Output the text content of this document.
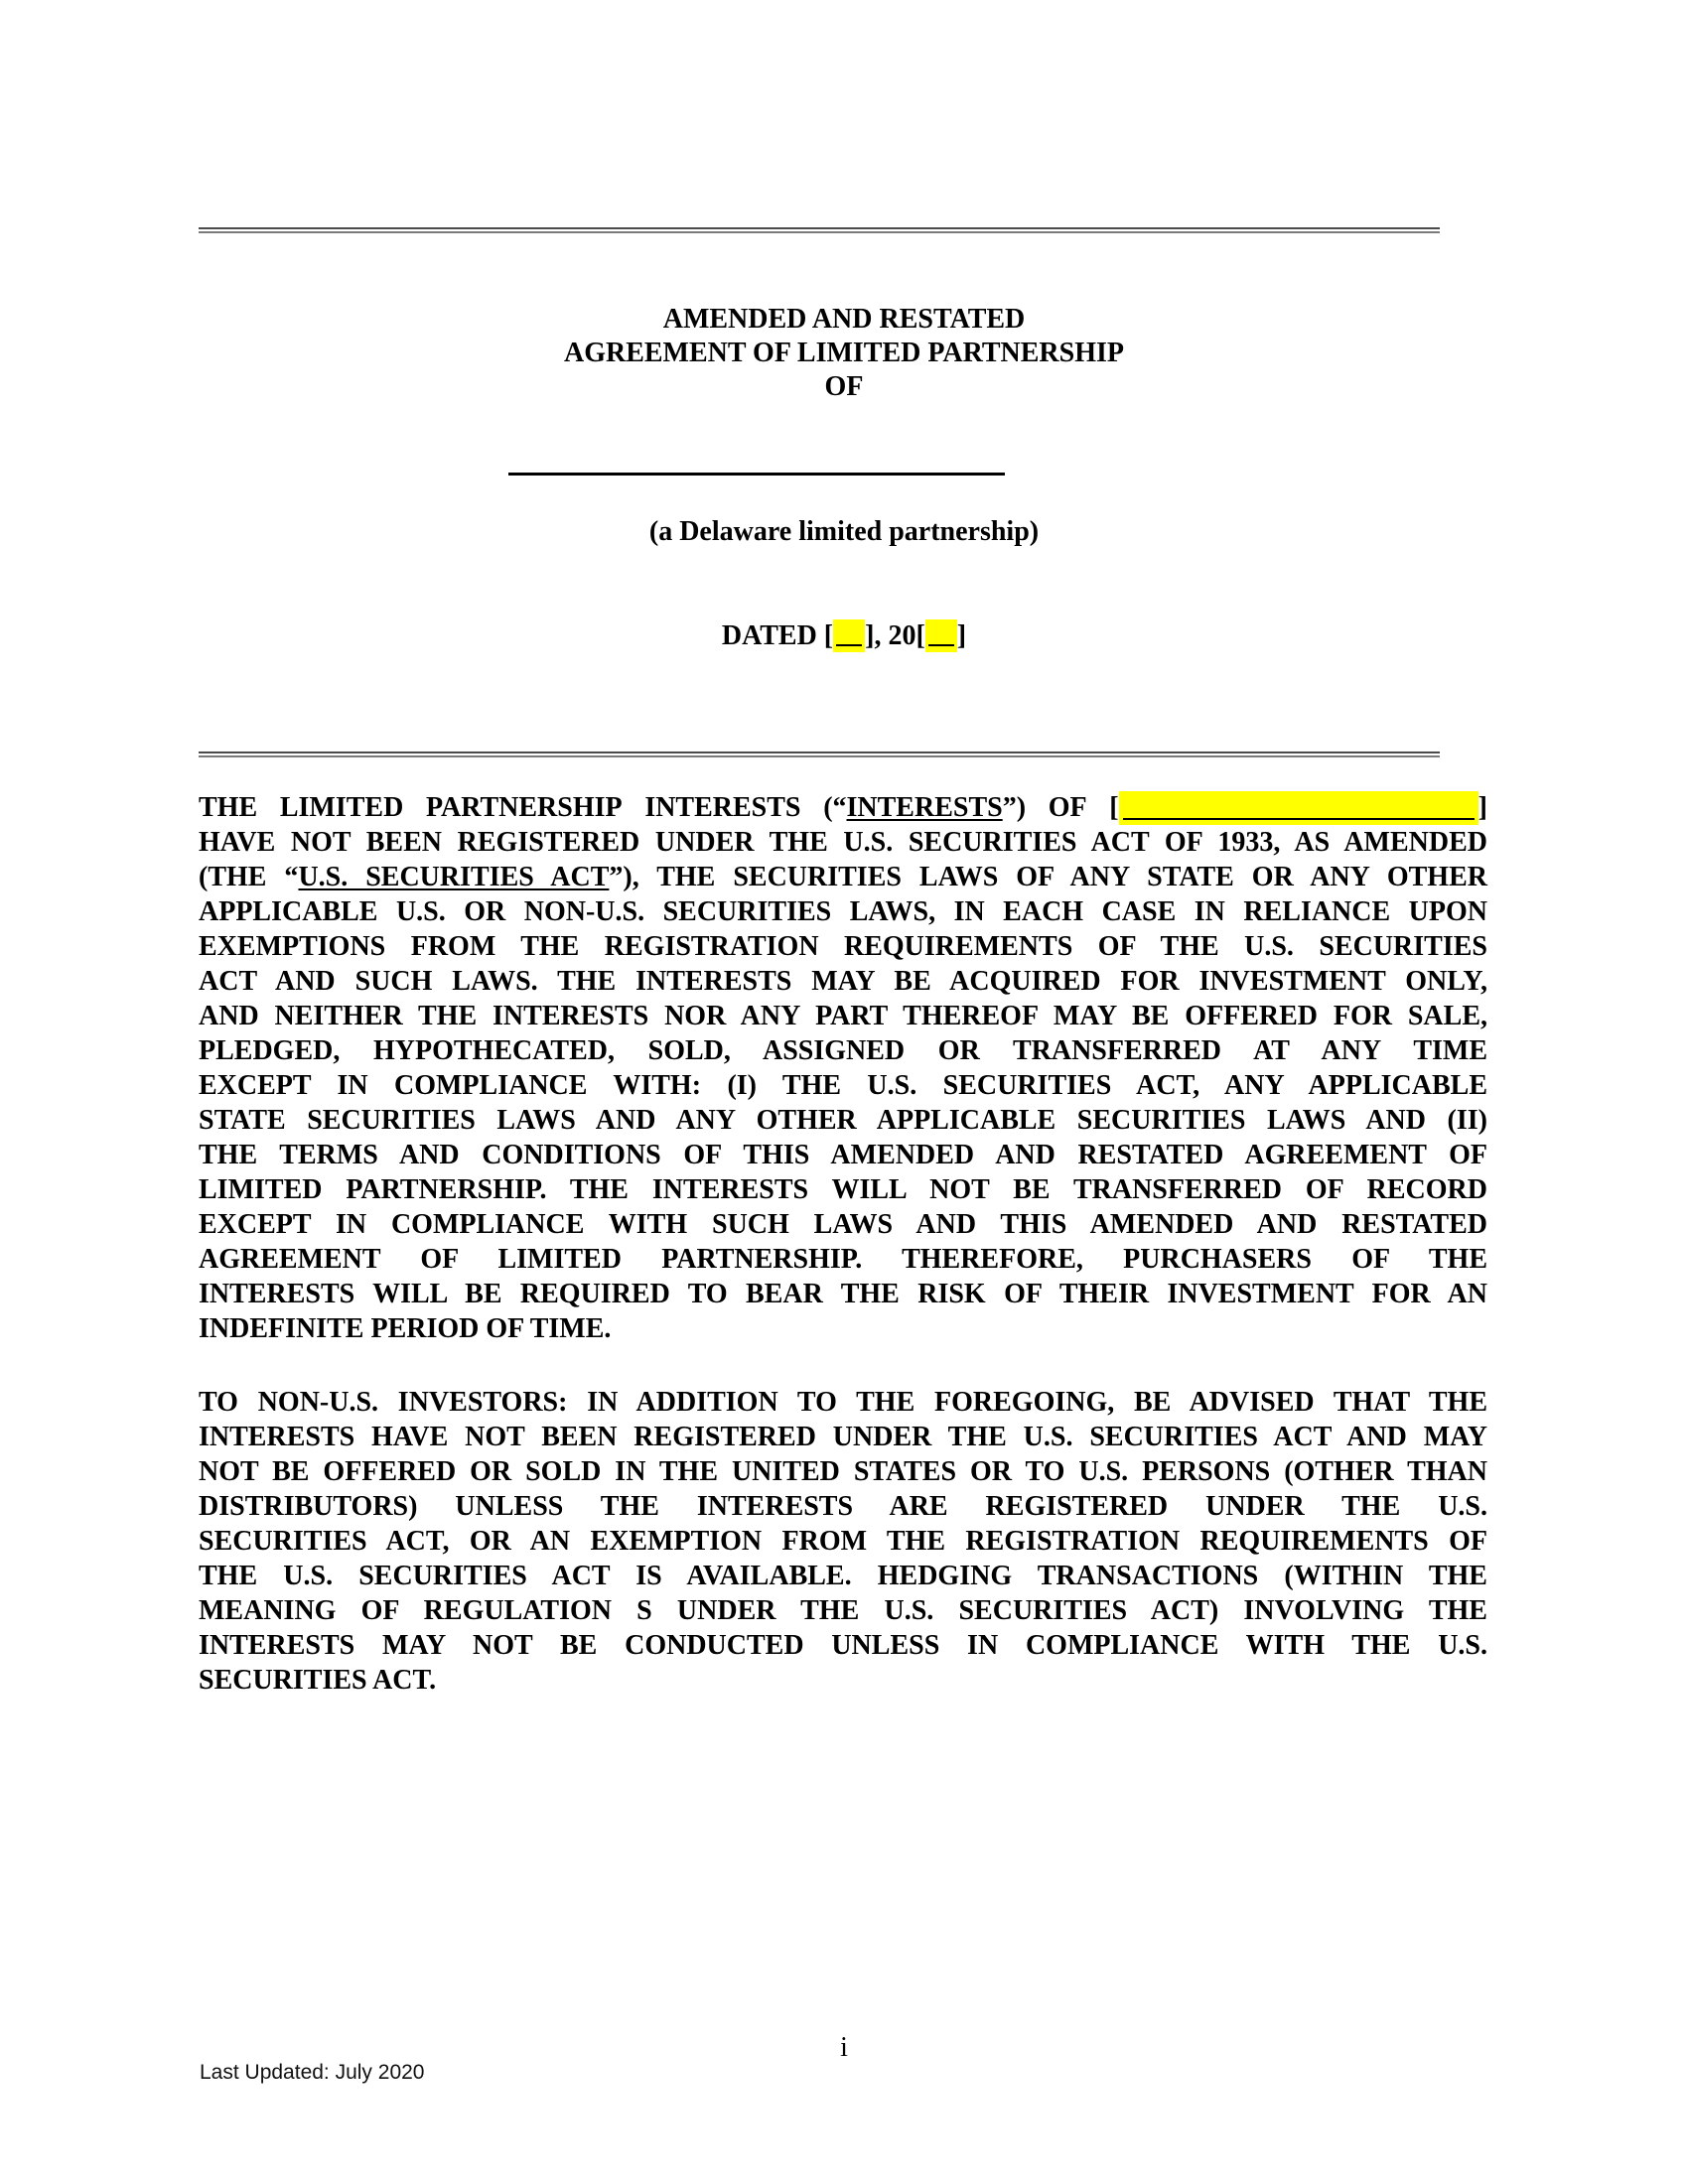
AMENDED AND RESTATED
AGREEMENT OF LIMITED PARTNERSHIP
OF
(a Delaware limited partnership)
DATED [ ], 20[ ]
THE LIMITED PARTNERSHIP INTERESTS (“INTERESTS”) OF [	]
HAVE NOT BEEN REGISTERED UNDER THE U.S. SECURITIES ACT OF 1933, AS AMENDED
(THE “U.S. SECURITIES ACT”), THE SECURITIES LAWS OF ANY STATE OR ANY OTHER
APPLICABLE U.S. OR NON-U.S. SECURITIES LAWS, IN EACH CASE IN RELIANCE UPON
EXEMPTIONS FROM THE REGISTRATION REQUIREMENTS OF THE U.S. SECURITIES
ACT AND SUCH LAWS. THE INTERESTS MAY BE ACQUIRED FOR INVESTMENT ONLY,
AND NEITHER THE INTERESTS NOR ANY PART THEREOF MAY BE OFFERED FOR SALE,
PLEDGED, HYPOTHECATED, SOLD, ASSIGNED OR TRANSFERRED AT ANY TIME
EXCEPT IN COMPLIANCE WITH: (I) THE U.S. SECURITIES ACT, ANY APPLICABLE
STATE SECURITIES LAWS AND ANY OTHER APPLICABLE SECURITIES LAWS AND (II)
THE TERMS AND CONDITIONS OF THIS AMENDED AND RESTATED AGREEMENT OF
LIMITED PARTNERSHIP. THE INTERESTS WILL NOT BE TRANSFERRED OF RECORD
EXCEPT IN COMPLIANCE WITH SUCH LAWS AND THIS AMENDED AND RESTATED
AGREEMENT OF LIMITED PARTNERSHIP. THEREFORE, PURCHASERS OF THE
INTERESTS WILL BE REQUIRED TO BEAR THE RISK OF THEIR INVESTMENT FOR AN
INDEFINITE PERIOD OF TIME.
TO NON-U.S. INVESTORS: IN ADDITION TO THE FOREGOING, BE ADVISED THAT THE
INTERESTS HAVE NOT BEEN REGISTERED UNDER THE U.S. SECURITIES ACT AND MAY
NOT BE OFFERED OR SOLD IN THE UNITED STATES OR TO U.S. PERSONS (OTHER THAN
DISTRIBUTORS) UNLESS THE INTERESTS ARE REGISTERED UNDER THE U.S.
SECURITIES ACT, OR AN EXEMPTION FROM THE REGISTRATION REQUIREMENTS OF
THE U.S. SECURITIES ACT IS AVAILABLE. HEDGING TRANSACTIONS (WITHIN THE
MEANING OF REGULATION S UNDER THE U.S. SECURITIES ACT) INVOLVING THE
INTERESTS MAY NOT BE CONDUCTED UNLESS IN COMPLIANCE WITH THE U.S.
SECURITIES ACT.
i
Last Updated: July 2020
